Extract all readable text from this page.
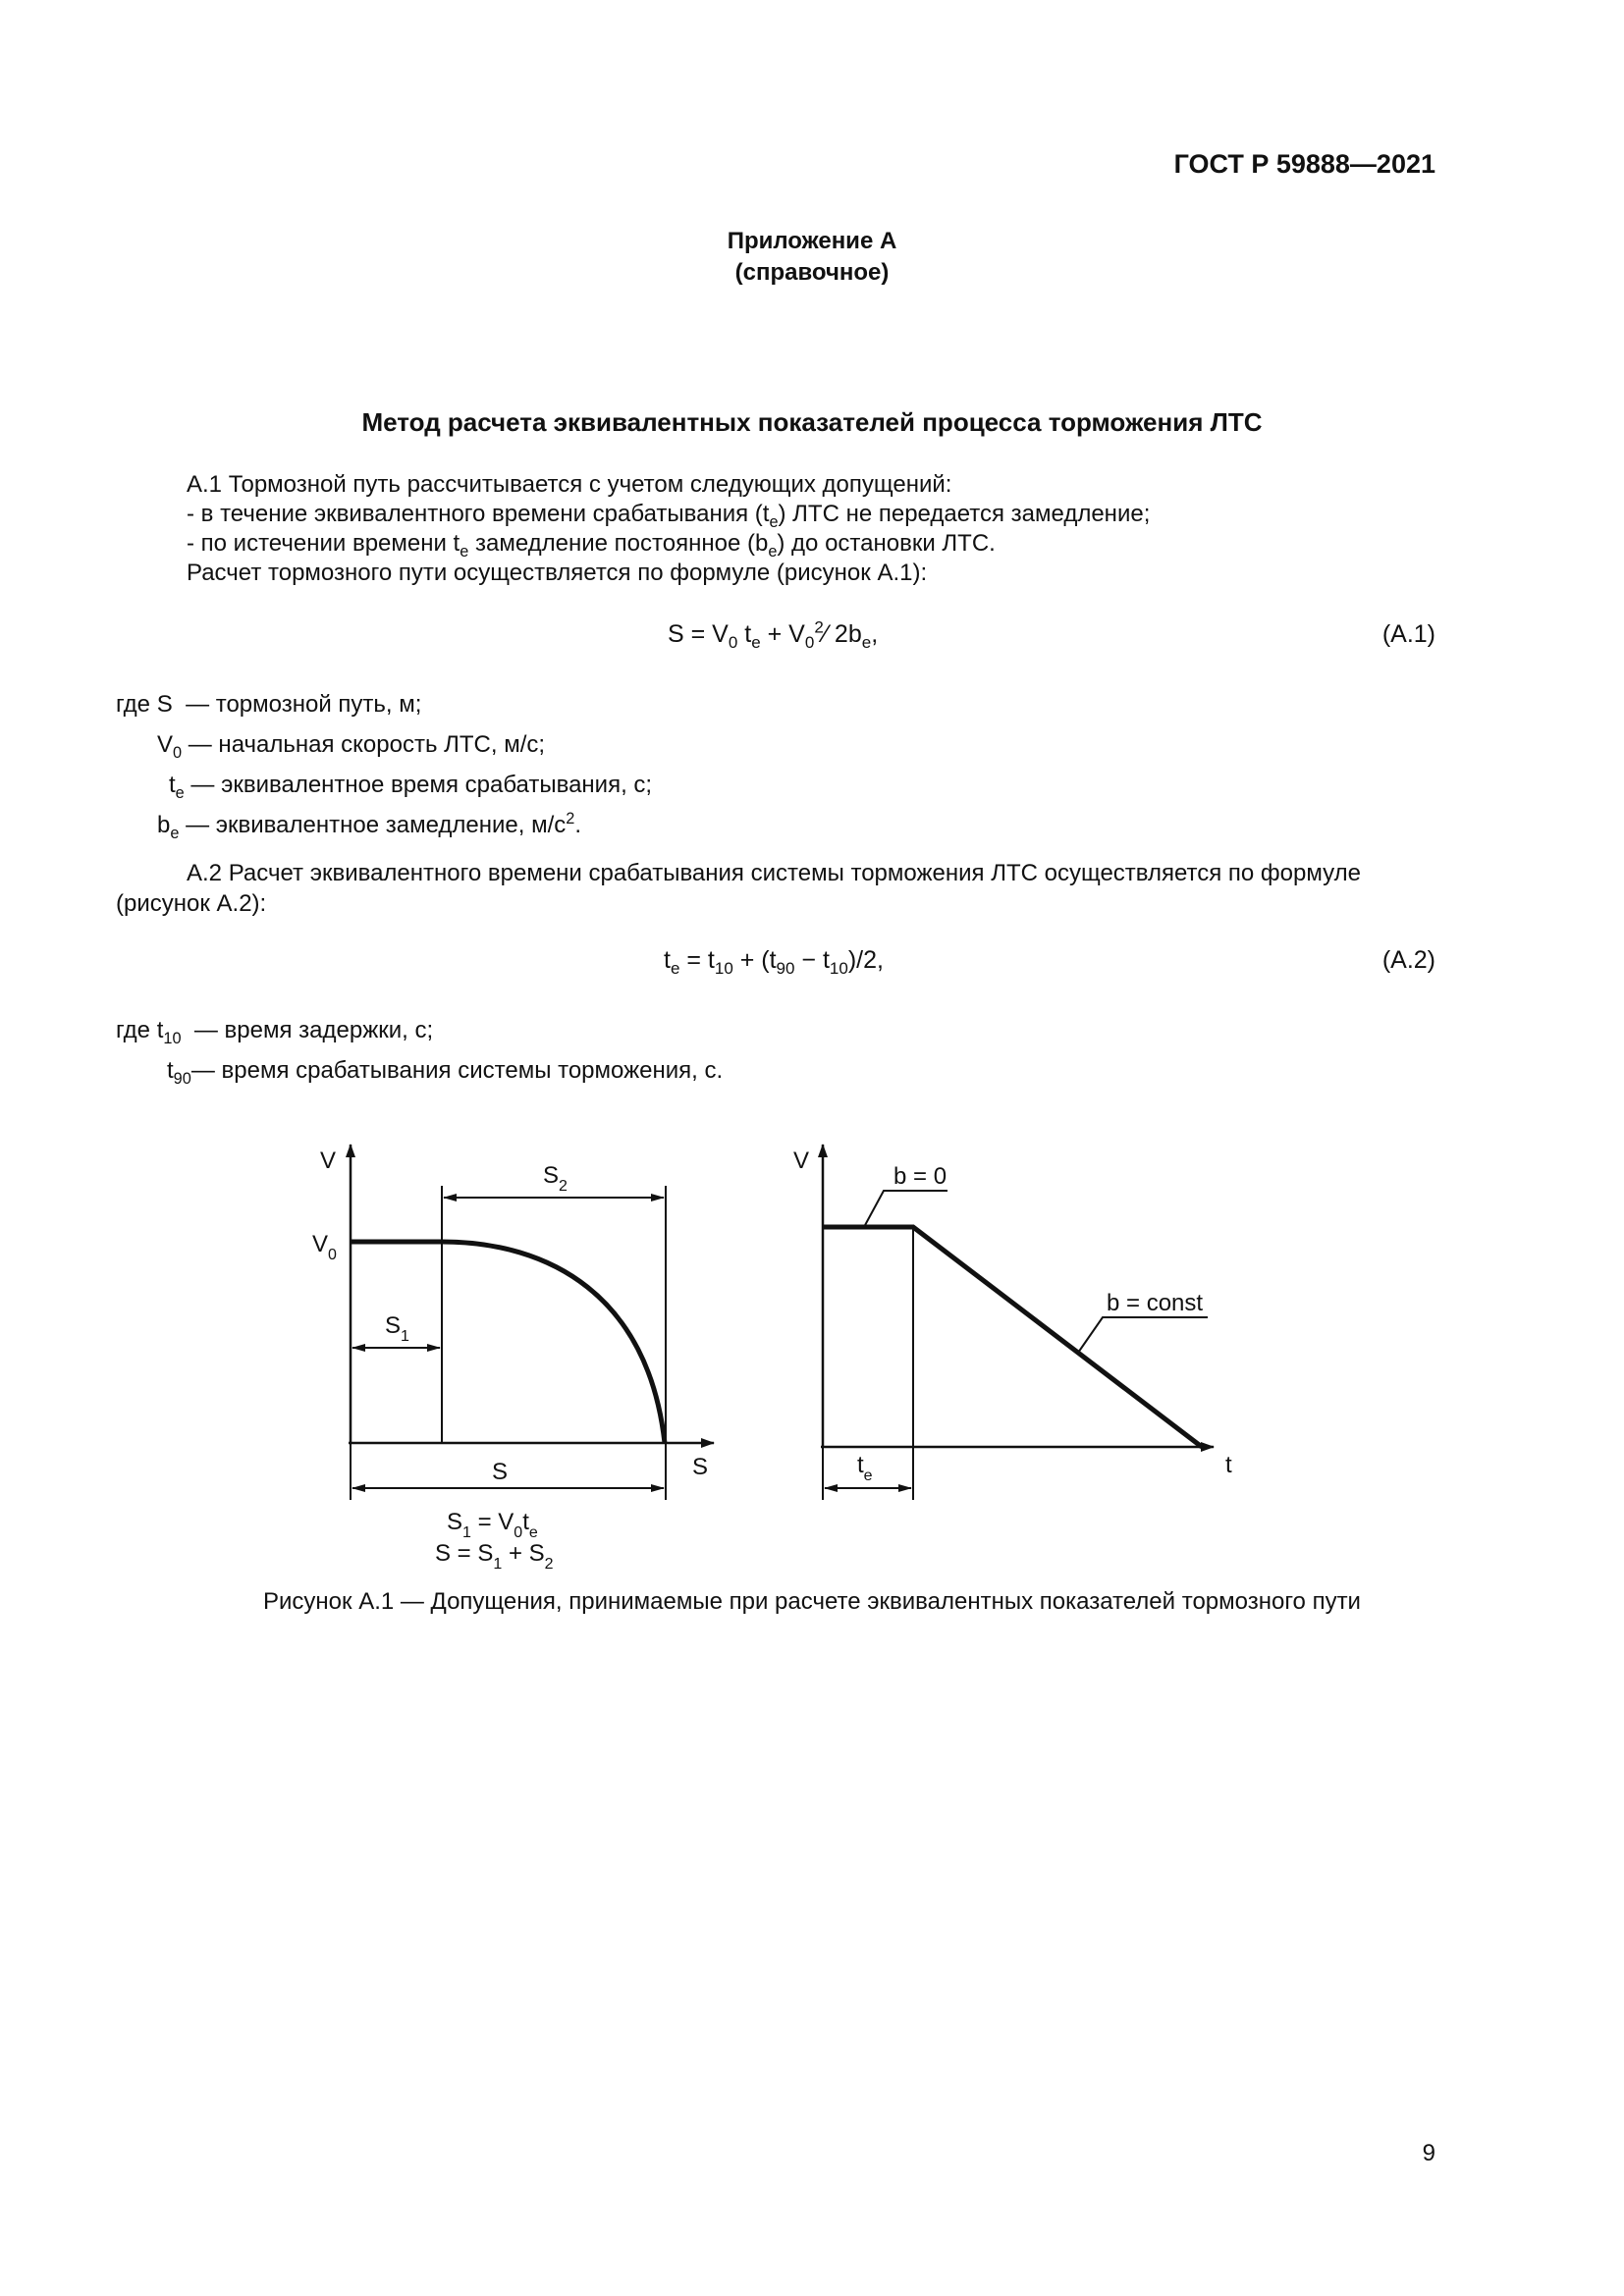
ГОСТ Р 59888—2021
Приложение А
(справочное)
Метод расчета эквивалентных показателей процесса торможения ЛТС
А.1 Тормозной путь рассчитывается с учетом следующих допущений:
- в течение эквивалентного времени срабатывания $(t_e)$ ЛТС не передается замедление;
- по истечении времени $t_e$ замедление постоянное $(b_e)$ до остановки ЛТС.
Расчет тормозного пути осуществляется по формуле (рисунок А.1):
$S = V_0$ $t_e$ + $V_0^2⁄$ $2b_e$,	(А.1)
где S — тормозной путь, м;
$V_0$ — начальная скорость ЛТС, м/с;
$t_e$ — эквивалентное время срабатывания, с;
$b_e$ — эквивалентное замедление, $м/с^2$.
А.2 Расчет эквивалентного времени срабатывания системы торможения ЛТС осуществляется по формуле
(рисунок А.2):
$t_e = t_{10} + (t_{90} - t_{10})/2$,	(А.2)
где $t_{10}$ — время задержки, с;
$t_{90}—$ время срабатывания системы торможения, с.
V
$V_0$
S
$S_1$
$S_2$
S
$S_1 = V_0t_e$
$S = S_1 + S_2$
V
t
b = 0
b = const
$t_e$
Рисунок А.1 — Допущения, принимаемые при расчете эквивалентных показателей тормозного пути
9
